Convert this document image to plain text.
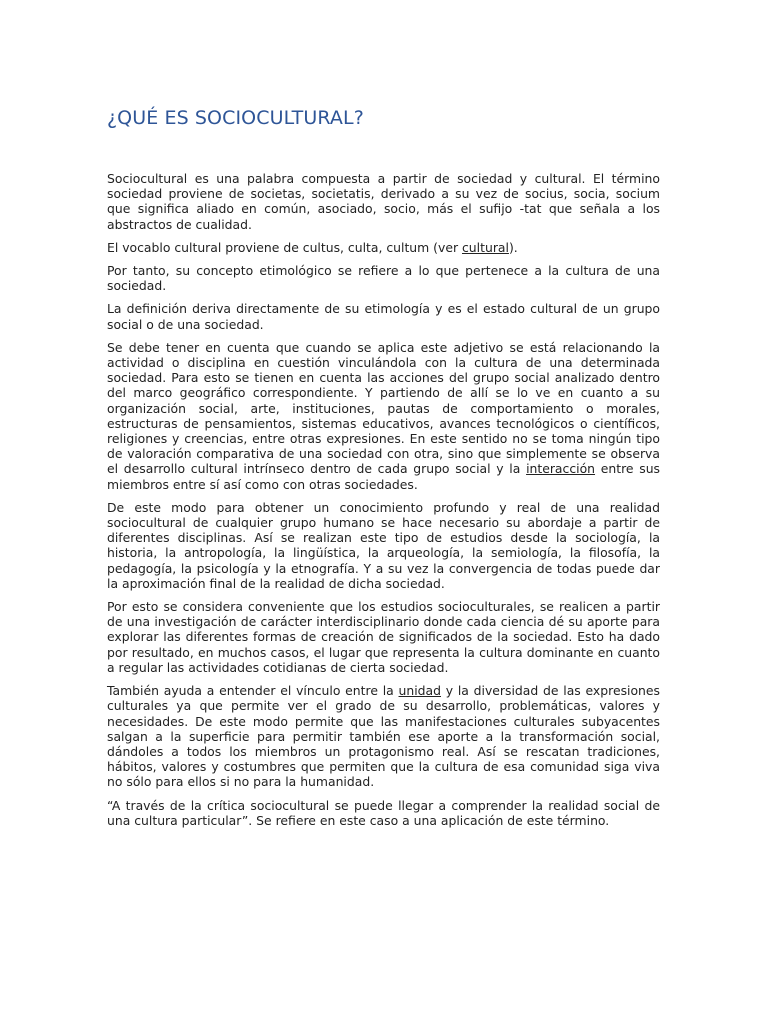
¿QUÉ ES SOCIOCULTURAL?

Sociocultural es una palabra compuesta a partir de sociedad y cultural. El término sociedad proviene de societas, societatis, derivado a su vez de socius, socia, socium que significa aliado en común, asociado, socio, más el sufijo -tat que señala a los abstractos de cualidad.

El vocablo cultural proviene de cultus, culta, cultum (ver cultural).

Por tanto, su concepto etimológico se refiere a lo que pertenece a la cultura de una sociedad.

La definición deriva directamente de su etimología y es el estado cultural de un grupo social o de una sociedad.

Se debe tener en cuenta que cuando se aplica este adjetivo se está relacionando la actividad o disciplina en cuestión vinculándola con la cultura de una determinada sociedad. Para esto se tienen en cuenta las acciones del grupo social analizado dentro del marco geográfico correspondiente. Y partiendo de allí se lo ve en cuanto a su organización social, arte, instituciones, pautas de comportamiento o morales, estructuras de pensamientos, sistemas educativos, avances tecnológicos o científicos, religiones y creencias, entre otras expresiones. En este sentido no se toma ningún tipo de valoración comparativa de una sociedad con otra, sino que simplemente se observa el desarrollo cultural intrínseco dentro de cada grupo social y la interacción entre sus miembros entre sí así como con otras sociedades.

De este modo para obtener un conocimiento profundo y real de una realidad sociocultural de cualquier grupo humano se hace necesario su abordaje a partir de diferentes disciplinas. Así se realizan este tipo de estudios desde la sociología, la historia, la antropología, la lingüística, la arqueología, la semiología, la filosofía, la pedagogía, la psicología y la etnografía. Y a su vez la convergencia de todas puede dar la aproximación final de la realidad de dicha sociedad.

Por esto se considera conveniente que los estudios socioculturales, se realicen a partir de una investigación de carácter interdisciplinario donde cada ciencia dé su aporte para explorar las diferentes formas de creación de significados de la sociedad. Esto ha dado por resultado, en muchos casos, el lugar que representa la cultura dominante en cuanto a regular las actividades cotidianas de cierta sociedad.

También ayuda a entender el vínculo entre la unidad y la diversidad de las expresiones culturales ya que permite ver el grado de su desarrollo, problemáticas, valores y necesidades. De este modo permite que las manifestaciones culturales subyacentes salgan a la superficie para permitir también ese aporte a la transformación social, dándoles a todos los miembros un protagonismo real. Así se rescatan tradiciones, hábitos, valores y costumbres que permiten que la cultura de esa comunidad siga viva no sólo para ellos si no para la humanidad.

“A través de la crítica sociocultural se puede llegar a comprender la realidad social de una cultura particular”. Se refiere en este caso a una aplicación de este término.
